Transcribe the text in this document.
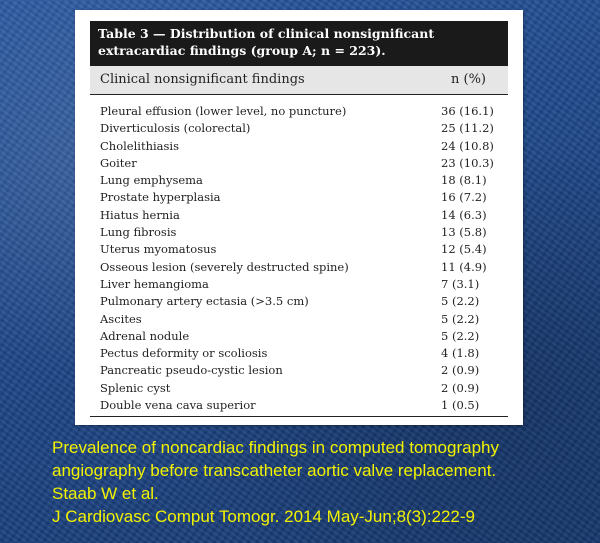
Table 3 — Distribution of clinical nonsignificant
extracardiac findings (group A; n = 223).
Clinical nonsignificant findings	n (%)
Pleural effusion (lower level, no puncture)	36 (16.1)
Diverticulosis (colorectal)	25 (11.2)
Cholelithiasis	24 (10.8)
Goiter	23 (10.3)
Lung emphysema	18 (8.1)
Prostate hyperplasia	16 (7.2)
Hiatus hernia	14 (6.3)
Lung fibrosis	13 (5.8)
Uterus myomatosus	12 (5.4)
Osseous lesion (severely destructed spine)	11 (4.9)
Liver hemangioma	7 (3.1)
Pulmonary artery ectasia (>3.5 cm)	5 (2.2)
Ascites	5 (2.2)
Adrenal nodule	5 (2.2)
Pectus deformity or scoliosis	4 (1.8)
Pancreatic pseudo-cystic lesion	2 (0.9)
Splenic cyst	2 (0.9)
Double vena cava superior	1 (0.5)
Prevalence of noncardiac findings in computed tomography
angiography before transcatheter aortic valve replacement.
Staab W et al.
J Cardiovasc Comput Tomogr. 2014 May-Jun;8(3):222-9
